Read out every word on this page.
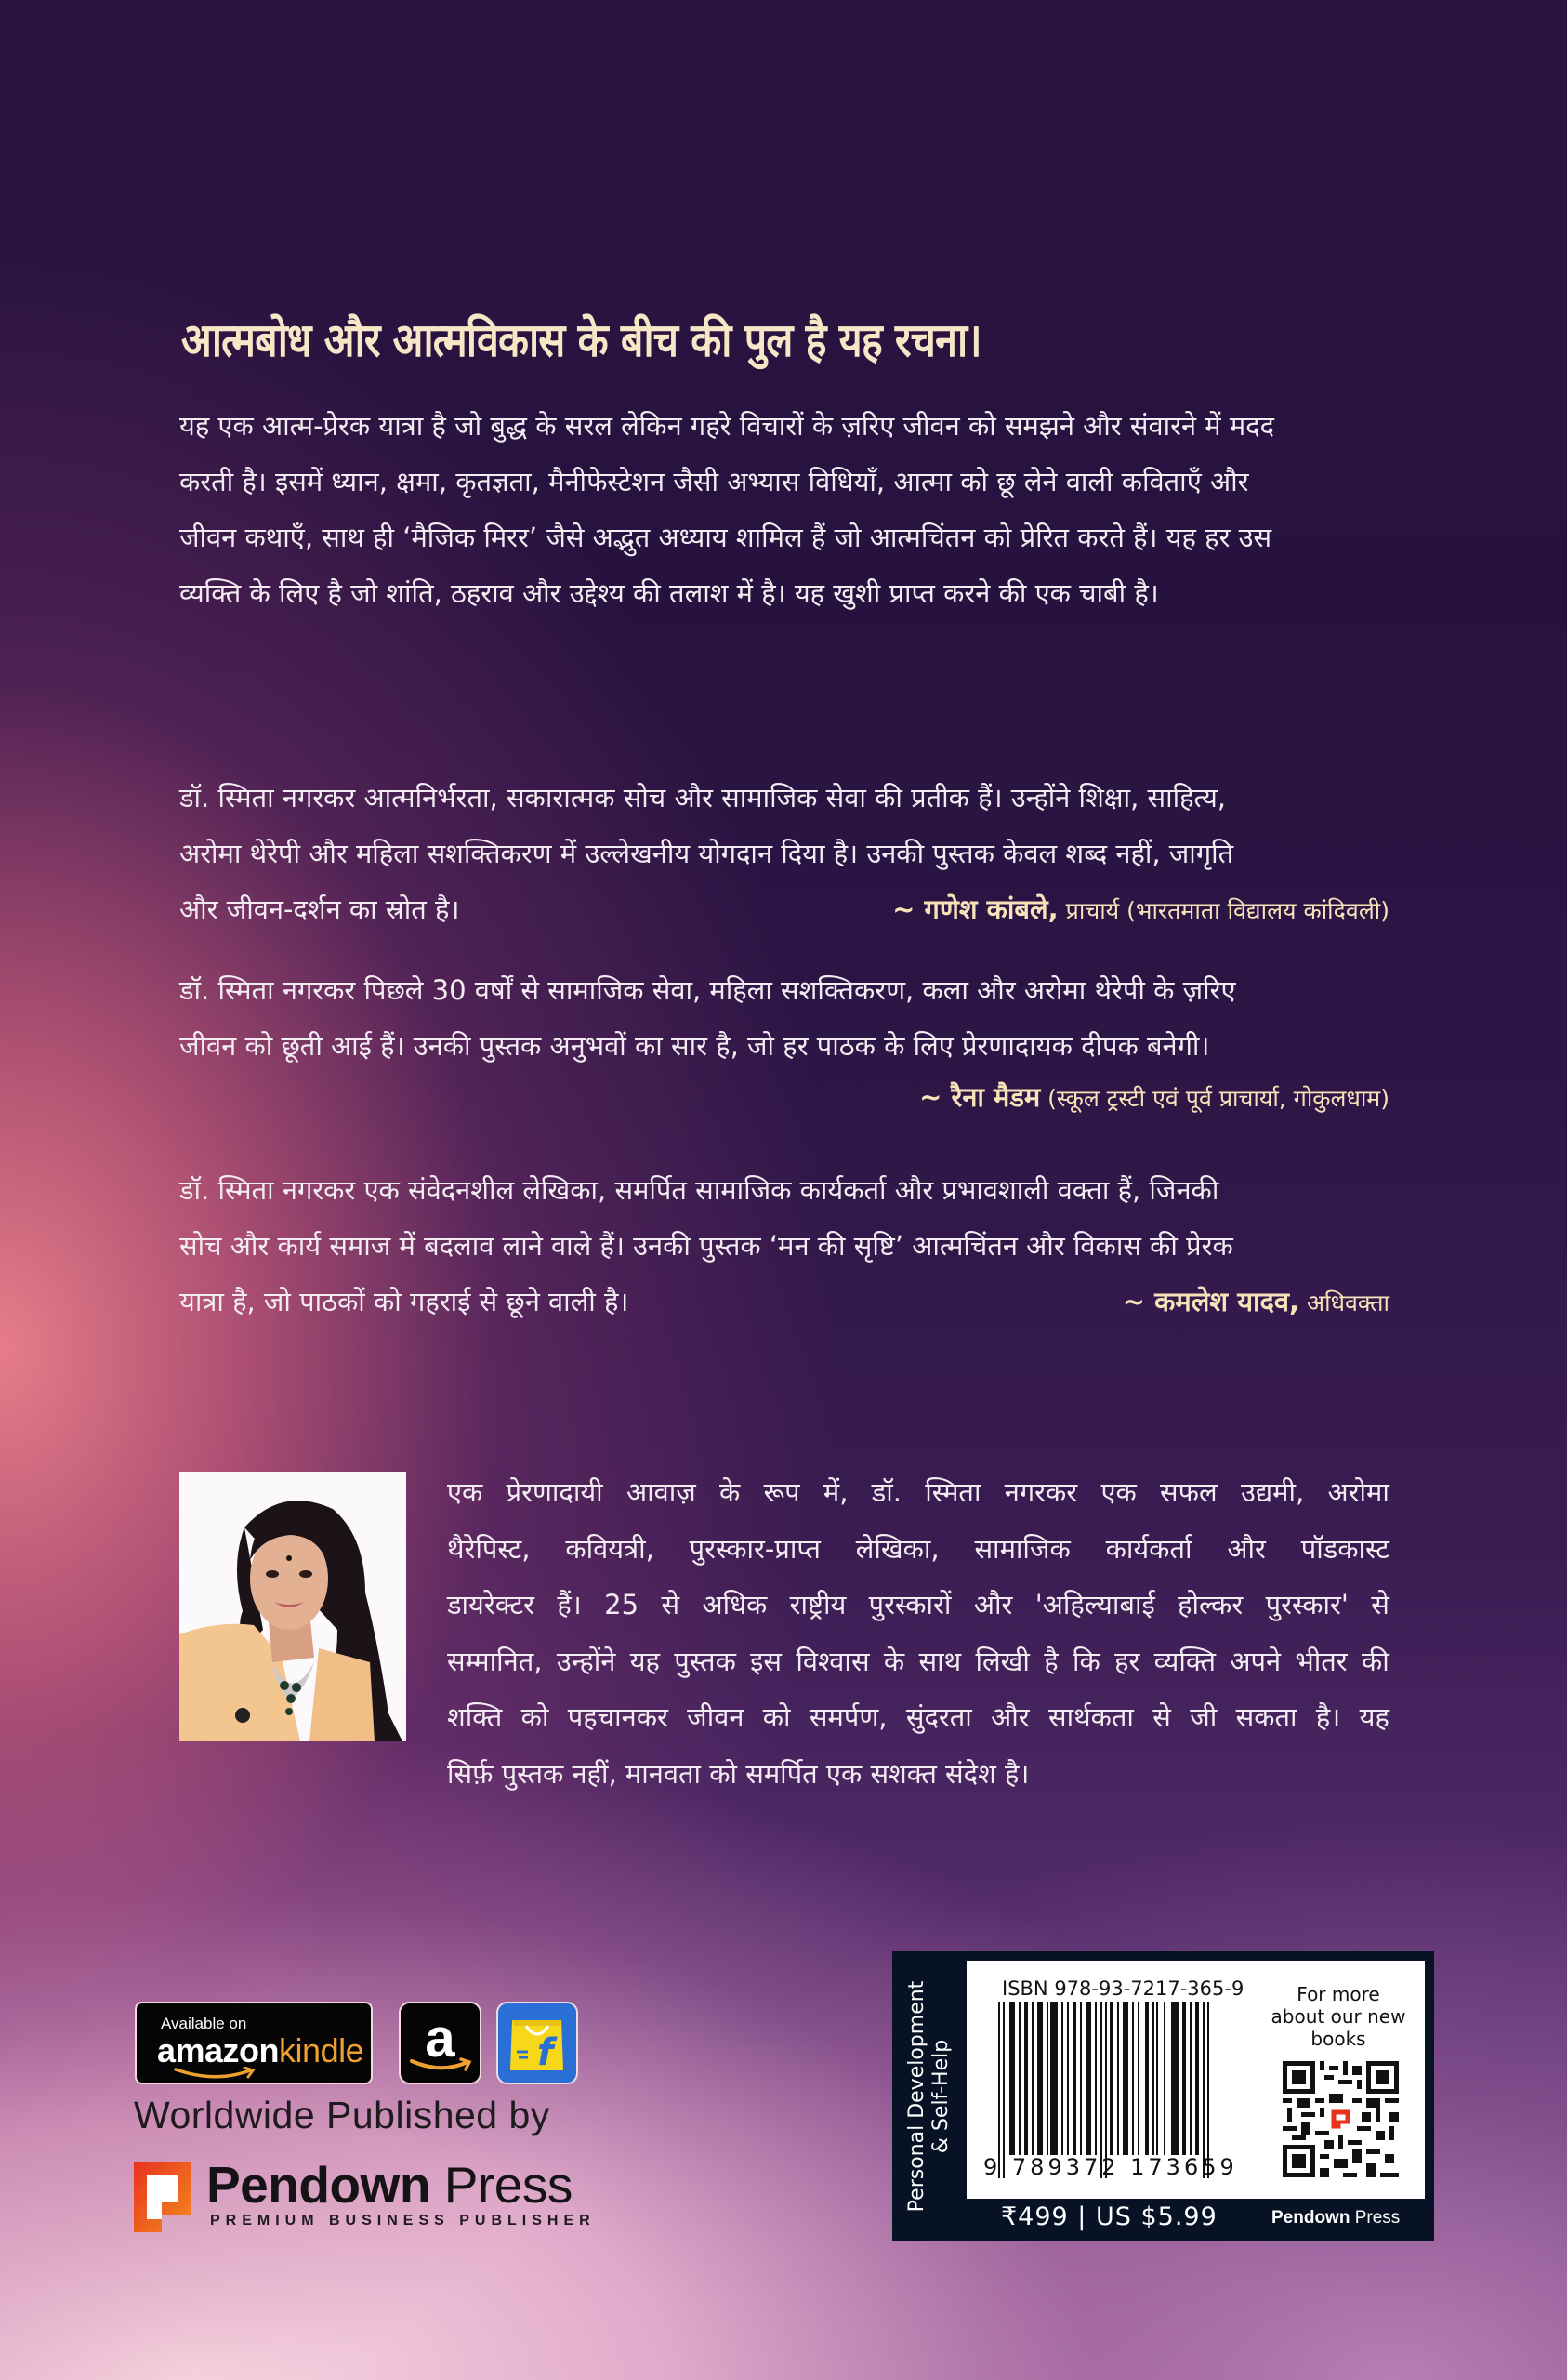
आत्मबोध और आत्मविकास के बीच की पुल है यह रचना।
यह एक आत्म-प्रेरक यात्रा है जो बुद्ध के सरल लेकिन गहरे विचारों के ज़रिए जीवन को समझने और संवारने में मदद
करती है। इसमें ध्यान, क्षमा, कृतज्ञता, मैनीफेस्टेशन जैसी अभ्यास विधियाँ, आत्मा को छू लेने वाली कविताएँ और
जीवन कथाएँ, साथ ही ‘मैजिक मिरर’ जैसे अद्भुत अध्याय शामिल हैं जो आत्मचिंतन को प्रेरित करते हैं। यह हर उस
व्यक्ति के लिए है जो शांति, ठहराव और उद्देश्य की तलाश में है। यह खुशी प्राप्त करने की एक चाबी है।
डॉ. स्मिता नगरकर आत्मनिर्भरता, सकारात्मक सोच और सामाजिक सेवा की प्रतीक हैं। उन्होंने शिक्षा, साहित्य,
अरोमा थेरेपी और महिला सशक्तिकरण में उल्लेखनीय योगदान दिया है। उनकी पुस्तक केवल शब्द नहीं, जागृति
और जीवन-दर्शन का स्रोत है।	~ गणेश कांबले, प्राचार्य (भारतमाता विद्यालय कांदिवली)
डॉ. स्मिता नगरकर पिछले 30 वर्षों से सामाजिक सेवा, महिला सशक्तिकरण, कला और अरोमा थेरेपी के ज़रिए
जीवन को छूती आई हैं। उनकी पुस्तक अनुभवों का सार है, जो हर पाठक के लिए प्रेरणादायक दीपक बनेगी।
~ रैना मैडम (स्कूल ट्रस्टी एवं पूर्व प्राचार्या, गोकुलधाम)
डॉ. स्मिता नगरकर एक संवेदनशील लेखिका, समर्पित सामाजिक कार्यकर्ता और प्रभावशाली वक्ता हैं, जिनकी
सोच और कार्य समाज में बदलाव लाने वाले हैं। उनकी पुस्तक ‘मन की सृष्टि’ आत्मचिंतन और विकास की प्रेरक
यात्रा है, जो पाठकों को गहराई से छूने वाली है।	~ कमलेश यादव, अधिवक्ता
एक प्रेरणादायी आवाज़ के रूप में, डॉ. स्मिता नगरकर एक सफल उद्यमी, अरोमा
थैरेपिस्ट, कवियत्री, पुरस्कार-प्राप्त लेखिका, सामाजिक कार्यकर्ता और पॉडकास्ट
डायरेक्टर हैं। 25 से अधिक राष्ट्रीय पुरस्कारों और 'अहिल्याबाई होल्कर पुरस्कार' से
सम्मानित, उन्होंने यह पुस्तक इस विश्वास के साथ लिखी है कि हर व्यक्ति अपने भीतर की
शक्ति को पहचानकर जीवन को समर्पण, सुंदरता और सार्थकता से जी सकता है। यह
सिर्फ़ पुस्तक नहीं, मानवता को समर्पित एक सशक्त संदेश है।
Available on
amazonkindle	a	f
Worldwide Published by
Pendown Press
PREMIUM BUSINESS PUBLISHER
Personal Development & Self-Help
ISBN 978-93-7217-365-9
9 789372 173659
For more about our new books
₹499 | US $5.99	Pendown Press
